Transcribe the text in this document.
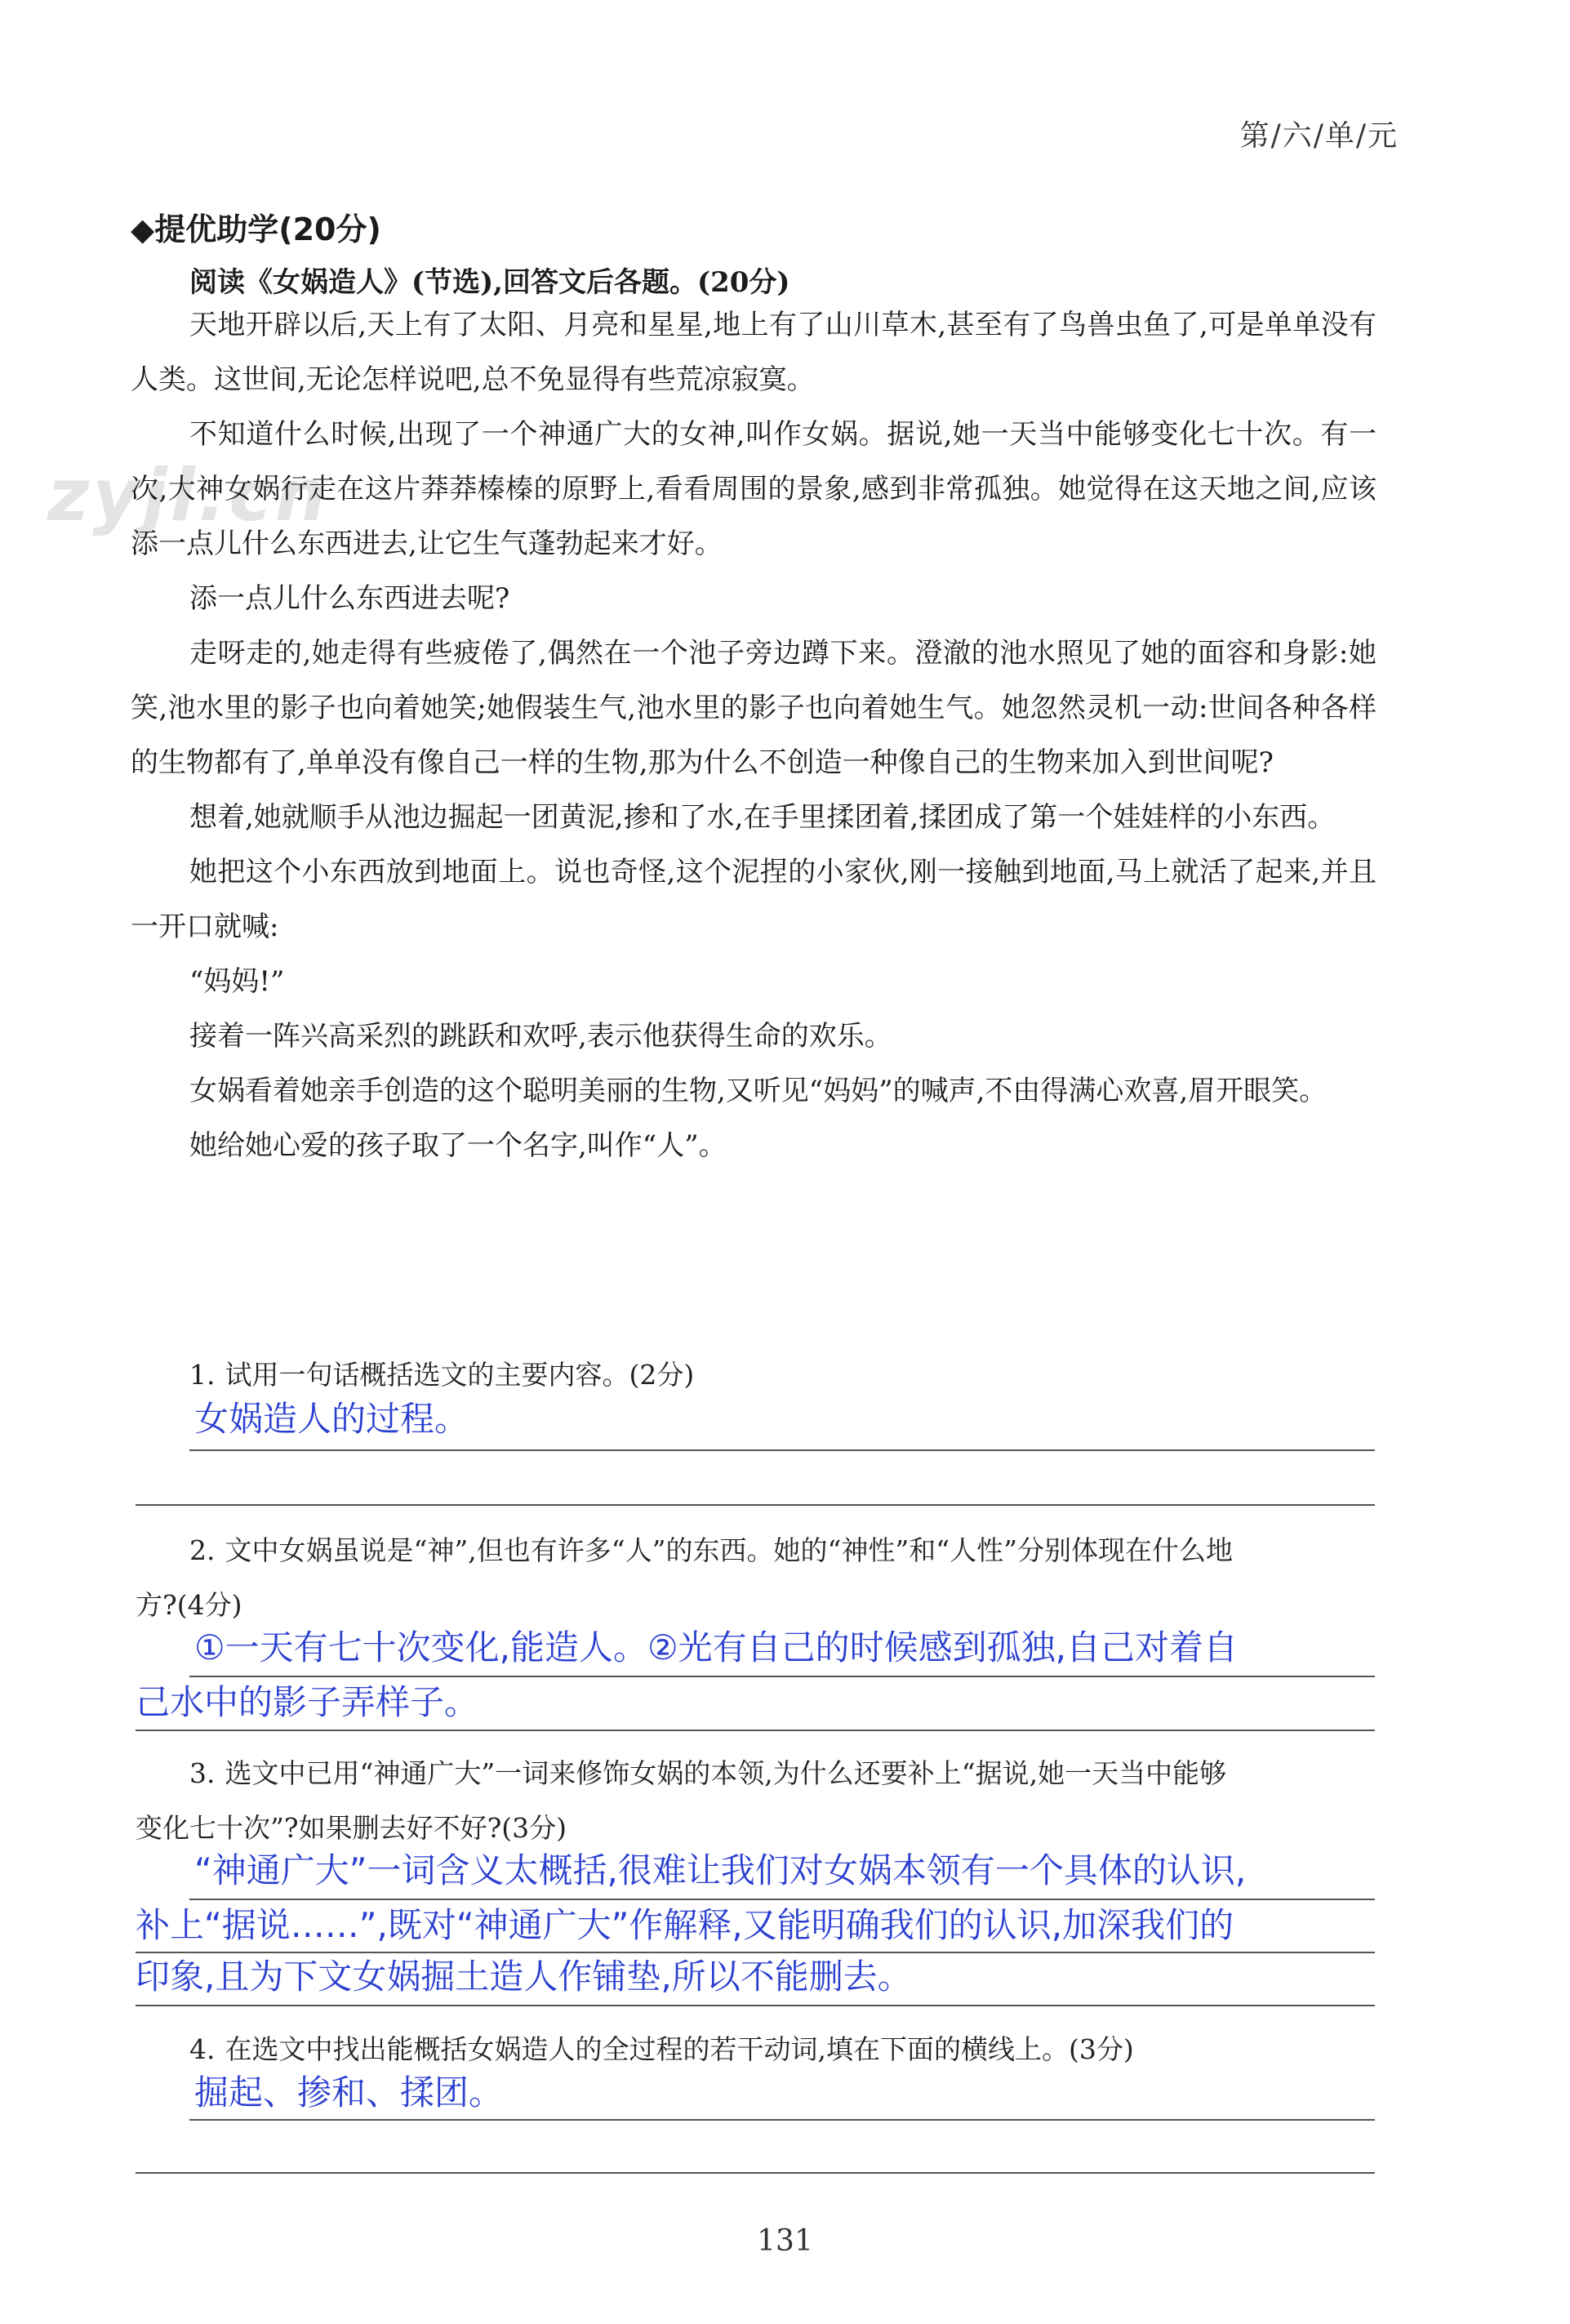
第/六/单/元
zyjl.cn
◆提优助学(20分)
阅读《女娲造人》(节选),回答文后各题。(20分)

天地开辟以后,天上有了太阳、月亮和星星,地上有了山川草木,甚至有了鸟兽虫鱼了,可是单单没有人类。这世间,无论怎样说吧,总不免显得有些荒凉寂寞。

不知道什么时候,出现了一个神通广大的女神,叫作女娲。据说,她一天当中能够变化七十次。有一次,大神女娲行走在这片莽莽榛榛的原野上,看看周围的景象,感到非常孤独。她觉得在这天地之间,应该添一点儿什么东西进去,让它生气蓬勃起来才好。

添一点儿什么东西进去呢?

走呀走的,她走得有些疲倦了,偶然在一个池子旁边蹲下来。澄澈的池水照见了她的面容和身影:她笑,池水里的影子也向着她笑;她假装生气,池水里的影子也向着她生气。她忽然灵机一动:世间各种各样的生物都有了,单单没有像自己一样的生物,那为什么不创造一种像自己的生物来加入到世间呢?

想着,她就顺手从池边掘起一团黄泥,掺和了水,在手里揉团着,揉团成了第一个娃娃样的小东西。

她把这个小东西放到地面上。说也奇怪,这个泥捏的小家伙,刚一接触到地面,马上就活了起来,并且一开口就喊:

“妈妈!”

接着一阵兴高采烈的跳跃和欢呼,表示他获得生命的欢乐。

女娲看着她亲手创造的这个聪明美丽的生物,又听见“妈妈”的喊声,不由得满心欢喜,眉开眼笑。

她给她心爱的孩子取了一个名字,叫作“人”。

1. 试用一句话概括选文的主要内容。(2分)
女娲造人的过程。
2. 文中女娲虽说是“神”,但也有许多“人”的东西。她的“神性”和“人性”分别体现在什么地
方?(4分)
①一天有七十次变化,能造人。②光有自己的时候感到孤独,自己对着自
己水中的影子弄样子。
3. 选文中已用“神通广大”一词来修饰女娲的本领,为什么还要补上“据说,她一天当中能够
变化七十次”?如果删去好不好?(3分)
“神通广大”一词含义太概括,很难让我们对女娲本领有一个具体的认识,
补上“据说……”,既对“神通广大”作解释,又能明确我们的认识,加深我们的
印象,且为下文女娲掘土造人作铺垫,所以不能删去。
4. 在选文中找出能概括女娲造人的全过程的若干动词,填在下面的横线上。(3分)
掘起、掺和、揉团。
131
